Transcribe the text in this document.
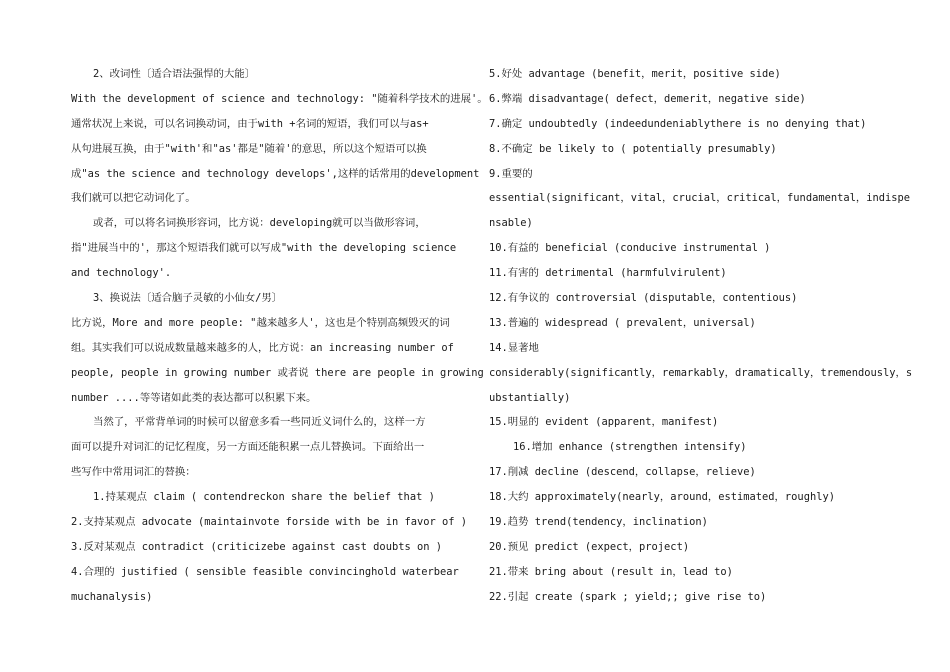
2、改词性〔适合语法强悍的大能〕
With the development of science and technology: "随着科学技术的进展'。
通常状况上来说，可以名词换动词，由于with +名词的短语，我们可以与as+
从句进展互换，由于"with'和"as'都是"随着'的意思，所以这个短语可以换
成"as the science and technology develops',这样的话常用的development
我们就可以把它动词化了。
或者，可以将名词换形容词，比方说：developing就可以当做形容词，
指"进展当中的'，那这个短语我们就可以写成"with the developing science
and technology'.
3、换说法〔适合脑子灵敏的小仙女/男〕
比方说，More and more people: "越来越多人'，这也是个特别高频毁灭的词
组。其实我们可以说成数量越来越多的人，比方说：an increasing number of
people, people in growing number 或者说 there are people in growing
number ....等等诸如此类的表达都可以积累下来。
当然了，平常背单词的时候可以留意多看一些同近义词什么的，这样一方
面可以提升对词汇的记忆程度，另一方面还能积累一点儿替换词。下面给出一
些写作中常用词汇的替换：
1.持某观点 claim ( contendreckon share the belief that )
2.支持某观点 advocate (maintainvote forside with be in favor of )
3.反对某观点 contradict (criticizebe against cast doubts on )
4.合理的 justified ( sensible feasible convincinghold waterbear
muchanalysis)
5.好处 advantage (benefit，merit，positive side)
6.弊端 disadvantage( defect，demerit，negative side)
7.确定 undoubtedly (indeedundeniablythere is no denying that)
8.不确定 be likely to ( potentially presumably)
9.重要的
essential(significant，vital，crucial，critical，fundamental，indispe
nsable)
10.有益的 beneficial (conducive instrumental )
11.有害的 detrimental (harmfulvirulent)
12.有争议的 controversial (disputable，contentious)
13.普遍的 widespread ( prevalent，universal)
14.显著地
considerably(significantly，remarkably，dramatically，tremendously，s
ubstantially)
15.明显的 evident (apparent，manifest)
16.增加 enhance (strengthen intensify)
17.削减 decline (descend，collapse，relieve)
18.大约 approximately(nearly，around，estimated，roughly)
19.趋势 trend(tendency，inclination)
20.预见 predict (expect，project)
21.带来 bring about (result in，lead to)
22.引起 create (spark ; yield;; give rise to)
